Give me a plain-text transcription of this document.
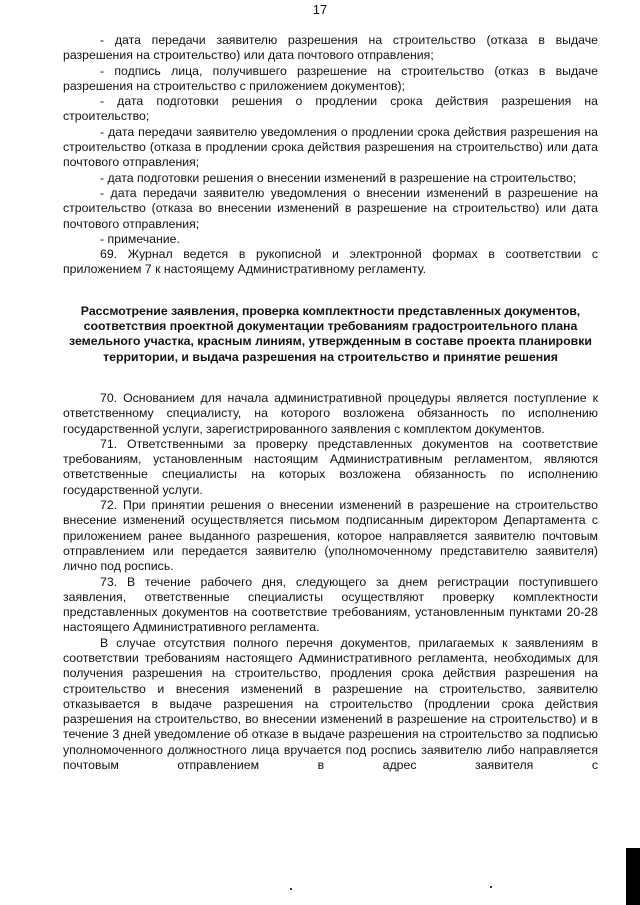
17

- дата передачи заявителю разрешения на строительство (отказа в выдаче разрешения на строительство) или дата почтового отправления;

- подпись лица, получившего разрешение на строительство (отказ в выдаче разрешения на строительство с приложением документов);

- дата подготовки решения о продлении срока действия разрешения на строительство;

- дата передачи заявителю уведомления о продлении срока действия разрешения на строительство (отказа в продлении срока действия разрешения на строительство) или дата почтового отправления;

- дата подготовки решения о внесении изменений в разрешение на строительство;

- дата передачи заявителю уведомления о внесении изменений в разрешение на строительство (отказа во внесении изменений в разрешение на строительство) или дата почтового отправления;

- примечание.

69. Журнал ведется в рукописной и электронной формах в соответствии с приложением 7 к настоящему Административному регламенту.

Рассмотрение заявления, проверка комплектности представленных документов, соответствия проектной документации требованиям градостроительного плана земельного участка, красным линиям, утвержденным в составе проекта планировки территории, и выдача разрешения на строительство и принятие решения

70. Основанием для начала административной процедуры является поступление к ответственному специалисту, на которого возложена обязанность по исполнению государственной услуги, зарегистрированного заявления с комплектом документов.

71. Ответственными за проверку представленных документов на соответствие требованиям, установленным настоящим Административным регламентом, являются ответственные специалисты на которых возложена обязанность по исполнению государственной услуги.

72. При принятии решения о внесении изменений в разрешение на строительство внесение изменений осуществляется письмом подписанным директором Департамента с приложением ранее выданного разрешения, которое направляется заявителю почтовым отправлением или передается заявителю (уполномоченному представителю заявителя) лично под роспись.

73. В течение рабочего дня, следующего за днем регистрации поступившего заявления, ответственные специалисты осуществляют проверку комплектности представленных документов на соответствие требованиям, установленным пунктами 20-28 настоящего Административного регламента.

В случае отсутствия полного перечня документов, прилагаемых к заявлениям в соответствии требованиям настоящего Административного регламента, необходимых для получения разрешения на строительство, продления срока действия разрешения на строительство и внесения изменений в разрешение на строительство, заявителю отказывается в выдаче разрешения на строительство (продлении срока действия разрешения на строительство, во внесении изменений в разрешение на строительство) и в течение 3 дней уведомление об отказе в выдаче разрешения на строительство за подписью уполномоченного должностного лица вручается под роспись заявителю либо направляется почтовым отправлением в адрес заявителя с
